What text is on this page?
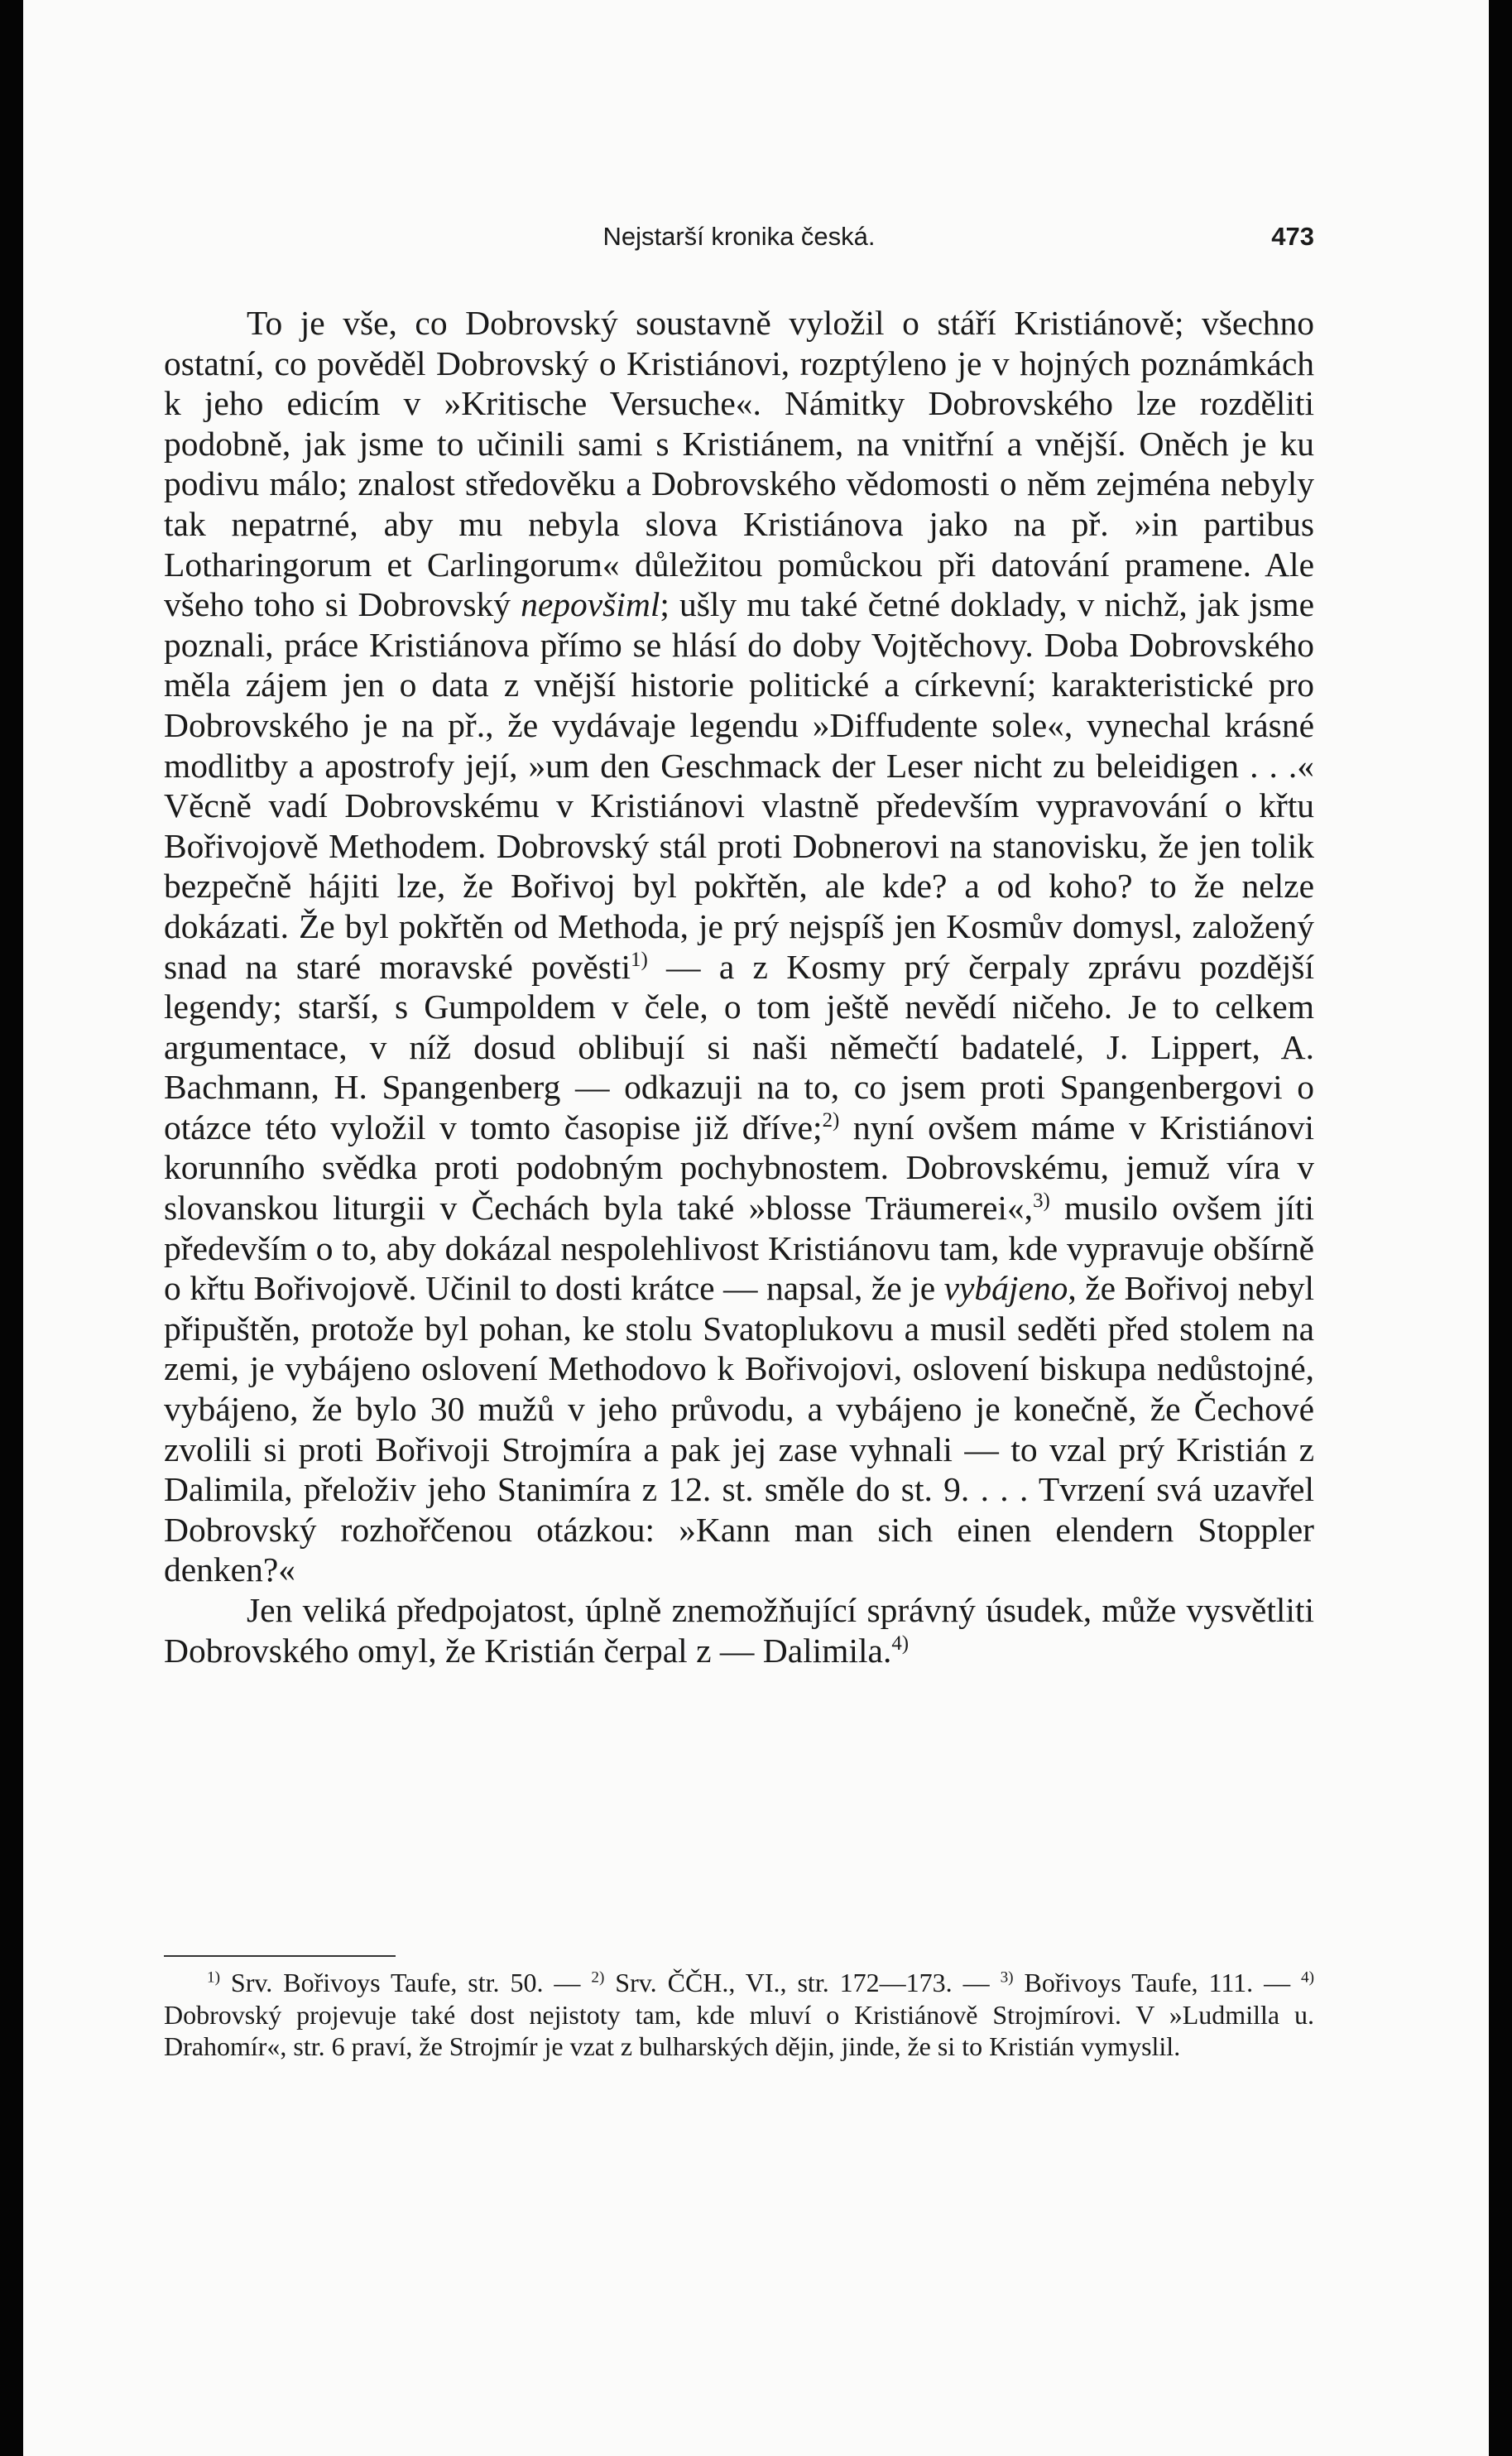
Nejstarší kronika česká.	473

To je vše, co Dobrovský soustavně vyložil o stáří Kristiánově; všechno ostatní, co pověděl Dobrovský o Kristiánovi, rozptýleno je v hojných poznámkách k jeho edicím v »Kritische Versuche«. Námitky Dobrovského lze rozděliti podobně, jak jsme to učinili sami s Kristiánem, na vnitřní a vnější. Oněch je ku podivu málo; znalost středověku a Dobrovského vědomosti o něm zejména nebyly tak nepatrné, aby mu nebyla slova Kristiánova jako na př. »in partibus Lotharingorum et Carlingorum« důležitou pomůckou při datování pramene. Ale všeho toho si Dobrovský nepovšiml; ušly mu také četné doklady, v nichž, jak jsme poznali, práce Kristiánova přímo se hlásí do doby Vojtěchovy. Doba Dobrovského měla zájem jen o data z vnější historie politické a církevní; karakteristické pro Dobrovského je na př., že vydávaje legendu »Diffudente sole«, vynechal krásné modlitby a apostrofy její, »um den Geschmack der Leser nicht zu beleidigen . . .« Věcně vadí Dobrovskému v Kristiánovi vlastně především vypravování o křtu Bořivojově Methodem. Dobrovský stál proti Dobnerovi na stanovisku, že jen tolik bezpečně hájiti lze, že Bořivoj byl pokřtěn, ale kde? a od koho? to že nelze dokázati. Že byl pokřtěn od Methoda, je prý nejspíš jen Kosmův domysl, založený snad na staré moravské pověsti$^{1)}$ — a z Kosmy prý čerpaly zprávu pozdější legendy; starší, s Gumpoldem v čele, o tom ještě nevědí ničeho. Je to celkem argumentace, v níž dosud oblibují si naši němečtí badatelé, J. Lippert, A. Bachmann, H. Spangenberg — odkazuji na to, co jsem proti Spangenbergovi o otázce této vyložil v tomto časopise již dříve;$^{2)}$ nyní ovšem máme v Kristiánovi korunního svědka proti podobným pochybnostem. Dobrovskému, jemuž víra v slovanskou liturgii v Čechách byla také »blosse Träumerei«,$^{3)}$ musilo ovšem jíti především o to, aby dokázal nespolehlivost Kristiánovu tam, kde vypravuje obšírně o křtu Bořivojově. Učinil to dosti krátce — napsal, že je vybájeno, že Bořivoj nebyl připuštěn, protože byl pohan, ke stolu Svatoplukovu a musil seděti před stolem na zemi, je vybájeno oslovení Methodovo k Bořivojovi, oslovení biskupa nedůstojné, vybájeno, že bylo 30 mužů v jeho průvodu, a vybájeno je konečně, že Čechové zvolili si proti Bořivoji Strojmíra a pak jej zase vyhnali — to vzal prý Kristián z Dalimila, přeloživ jeho Stanimíra z 12. st. směle do st. 9. . . . Tvrzení svá uzavřel Dobrovský rozhořčenou otázkou: »Kann man sich einen elendern Stoppler denken?«

Jen veliká předpojatost, úplně znemožňující správný úsudek, může vysvětliti Dobrovského omyl, že Kristián čerpal z — Dalimila.$^{4)}$

$^{1)}$ Srv. Bořivoys Taufe, str. 50. — $^{2)}$ Srv. ČČH., VI., str. 172—173. — $^{3)}$ Bořivoys Taufe, 111. — $^{4)}$ Dobrovský projevuje také dost nejistoty tam, kde mluví o Kristiánově Strojmírovi. V »Ludmilla u. Drahomír«, str. 6 praví, že Strojmír je vzat z bulharských dějin, jinde, že si to Kristián vymyslil.
